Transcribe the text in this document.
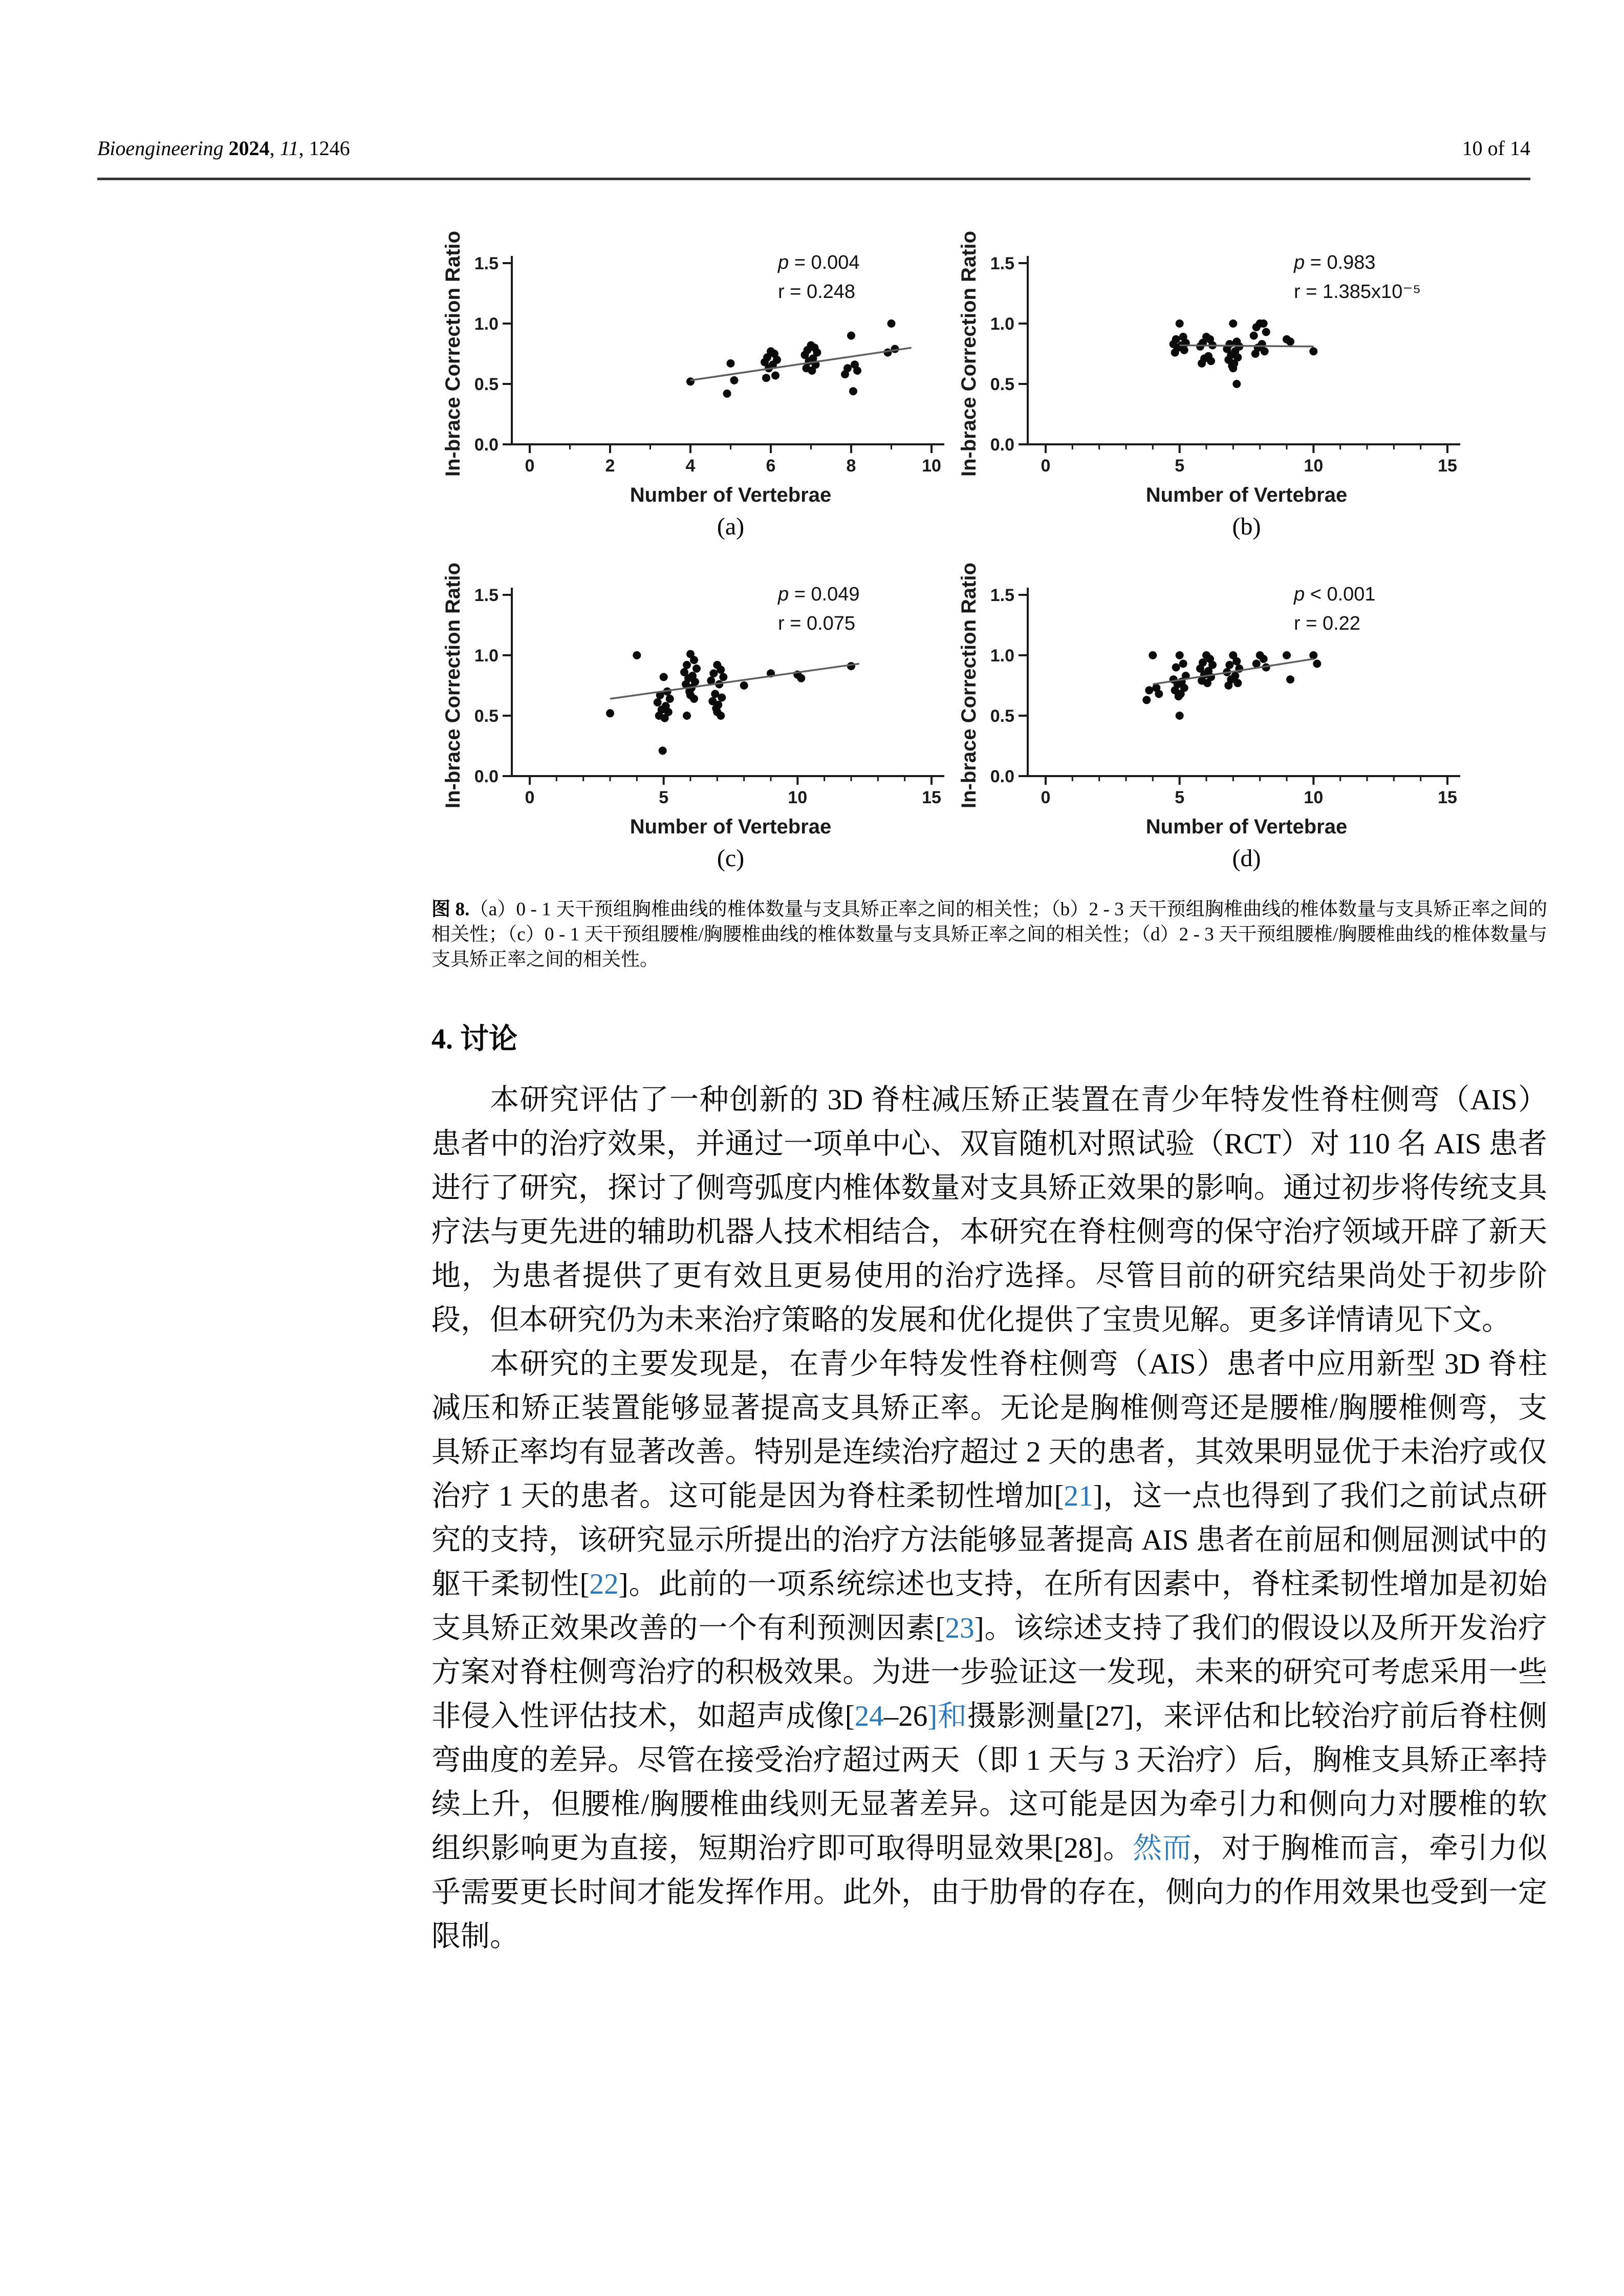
Bioengineering 2024, 11, 1246	10 of 14
0.0
0.5
1.0
1.5
0	2	4	6	8	10
p = 0.004
r = 0.248
Number of Vertebrae
In-brace Correction Ratio
(a)
0.0
0.5
1.0
1.5
0	5	10	15
p = 0.983
r = 1.385x10⁻⁵
Number of Vertebrae
In-brace Correction Ratio
(b)
0.0
0.5
1.0
1.5
0	5	10	15
p = 0.049
r = 0.075
Number of Vertebrae
In-brace Correction Ratio
(c)
0.0
0.5
1.0
1.5
0	5	10	15
p < 0.001
r = 0.22
Number of Vertebrae
In-brace Correction Ratio
(d)
图 8.（a）0 - 1 天干预组胸椎曲线的椎体数量与支具矫正率之间的相关性；（b）2 - 3 天干预组胸椎曲线的椎体数量与支具矫正率之间的相关性；（c）0 - 1 天干预组腰椎/胸腰椎曲线的椎体数量与支具矫正率之间的相关性；（d）2 - 3 天干预组腰椎/胸腰椎曲线的椎体数量与支具矫正率之间的相关性。
4. 讨论

本研究评估了一种创新的 3D 脊柱减压矫正装置在青少年特发性脊柱侧弯（AIS）患者中的治疗效果，并通过一项单中心、双盲随机对照试验（RCT）对 110 名 AIS 患者进行了研究，探讨了侧弯弧度内椎体数量对支具矫正效果的影响。通过初步将传统支具疗法与更先进的辅助机器人技术相结合，本研究在脊柱侧弯的保守治疗领域开辟了新天地，为患者提供了更有效且更易使用的治疗选择。尽管目前的研究结果尚处于初步阶段，但本研究仍为未来治疗策略的发展和优化提供了宝贵见解。更多详情请见下文。

本研究的主要发现是，在青少年特发性脊柱侧弯（AIS）患者中应用新型 3D 脊柱减压和矫正装置能够显著提高支具矫正率。无论是胸椎侧弯还是腰椎/胸腰椎侧弯，支具矫正率均有显著改善。特别是连续治疗超过 2 天的患者，其效果明显优于未治疗或仅治疗 1 天的患者。这可能是因为脊柱柔韧性增加[21]，这一点也得到了我们之前试点研究的支持，该研究显示所提出的治疗方法能够显著提高 AIS 患者在前屈和侧屈测试中的躯干柔韧性[22]。此前的一项系统综述也支持，在所有因素中，脊柱柔韧性增加是初始支具矫正效果改善的一个有利预测因素[23]。该综述支持了我们的假设以及所开发治疗方案对脊柱侧弯治疗的积极效果。为进一步验证这一发现，未来的研究可考虑采用一些非侵入性评估技术，如超声成像[24–26]和摄影测量[27]，来评估和比较治疗前后脊柱侧弯曲度的差异。尽管在接受治疗超过两天（即 1 天与 3 天治疗）后，胸椎支具矫正率持续上升，但腰椎/胸腰椎曲线则无显著差异。这可能是因为牵引力和侧向力对腰椎的软组织影响更为直接，短期治疗即可取得明显效果[28]。然而，对于胸椎而言，牵引力似乎需要更长时间才能发挥作用。此外，由于肋骨的存在，侧向力的作用效果也受到一定限制。
